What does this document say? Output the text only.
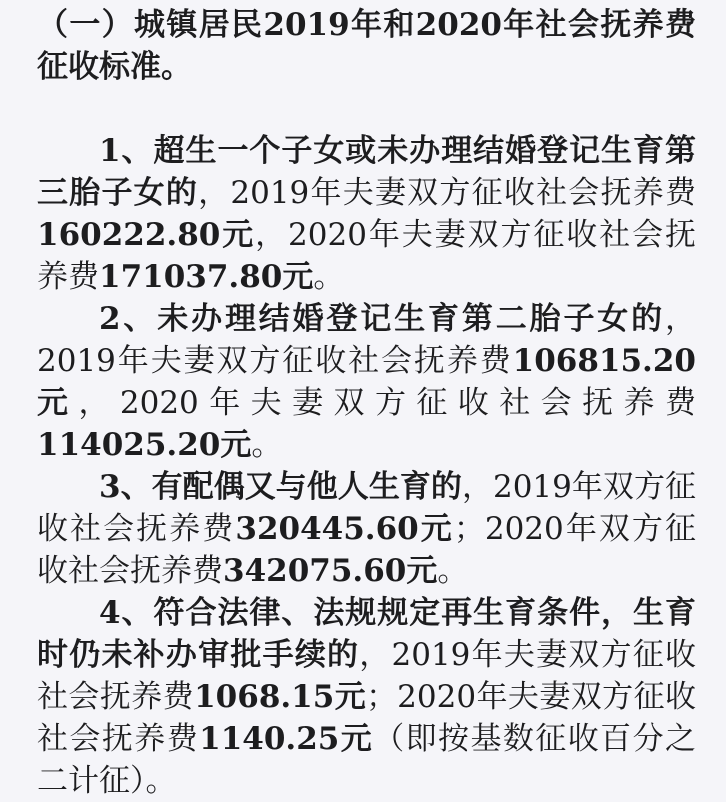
（一）城镇居民2019年和2020年社会抚养费征收标准。

1、超生一个子女或未办理结婚登记生育第三胎子女的，2019年夫妻双方征收社会抚养费160222.80元，2020年夫妻双方征收社会抚养费171037.80元。

2、未办理结婚登记生育第二胎子女的，2019年夫妻双方征收社会抚养费106815.20元，2020年夫妻双方征收社会抚养费114025.20元。

3、有配偶又与他人生育的，2019年双方征收社会抚养费320445.60元；2020年双方征收社会抚养费342075.60元。

4、符合法律、法规规定再生育条件，生育时仍未补办审批手续的，2019年夫妻双方征收社会抚养费1068.15元；2020年夫妻双方征收社会抚养费1140.25元（即按基数征收百分之二计征）。
